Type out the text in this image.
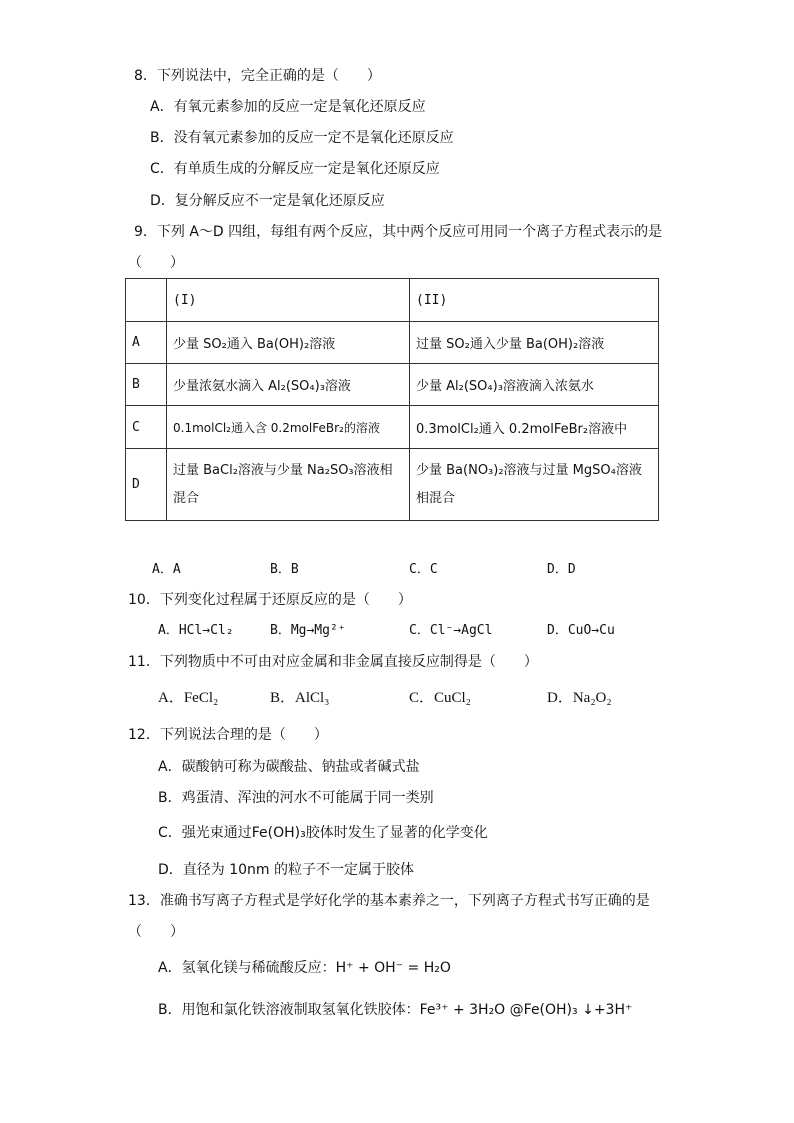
8．下列说法中，完全正确的是（　　）
A．有氧元素参加的反应一定是氧化还原反应
B．没有氧元素参加的反应一定不是氧化还原反应
C．有单质生成的分解反应一定是氧化还原反应
D．复分解反应不一定是氧化还原反应
9．下列 A～D 四组，每组有两个反应，其中两个反应可用同一个离子方程式表示的是
（　　）
	(I)	(II)
A	少量 SO₂通入 Ba(OH)₂溶液	过量 SO₂通入少量 Ba(OH)₂溶液
B	少量浓氨水滴入 Al₂(SO₄)₃溶液	少量 Al₂(SO₄)₃溶液滴入浓氨水
C	0.1molCl₂通入含 0.2molFeBr₂的溶液	0.3molCl₂通入 0.2molFeBr₂溶液中
D	过量 BaCl₂溶液与少量 Na₂SO₃溶液相混合	少量 Ba(NO₃)₂溶液与过量 MgSO₄溶液相混合
A．A	B．B	C．C	D．D
10．下列变化过程属于还原反应的是（　　）
A．HCl→Cl₂	B．Mg→Mg²⁺	C．Cl⁻→AgCl	D．CuO→Cu
11．下列物质中不可由对应金属和非金属直接反应制得是（　　）
A．FeCl₂	B．AlCl₃	C．CuCl₂	D．Na₂O₂
12．下列说法合理的是（　　）
A．碳酸钠可称为碳酸盐、钠盐或者碱式盐
B．鸡蛋清、浑浊的河水不可能属于同一类别
C．强光束通过Fe(OH)₃胶体时发生了显著的化学变化
D．直径为 10nm 的粒子不一定属于胶体
13．准确书写离子方程式是学好化学的基本素养之一，下列离子方程式书写正确的是
（　　）
A．氢氧化镁与稀硫酸反应：H⁺ + OH⁻ = H₂O
B．用饱和氯化铁溶液制取氢氧化铁胶体：Fe³⁺ + 3H₂O @Fe(OH)₃ ↓+3H⁺
